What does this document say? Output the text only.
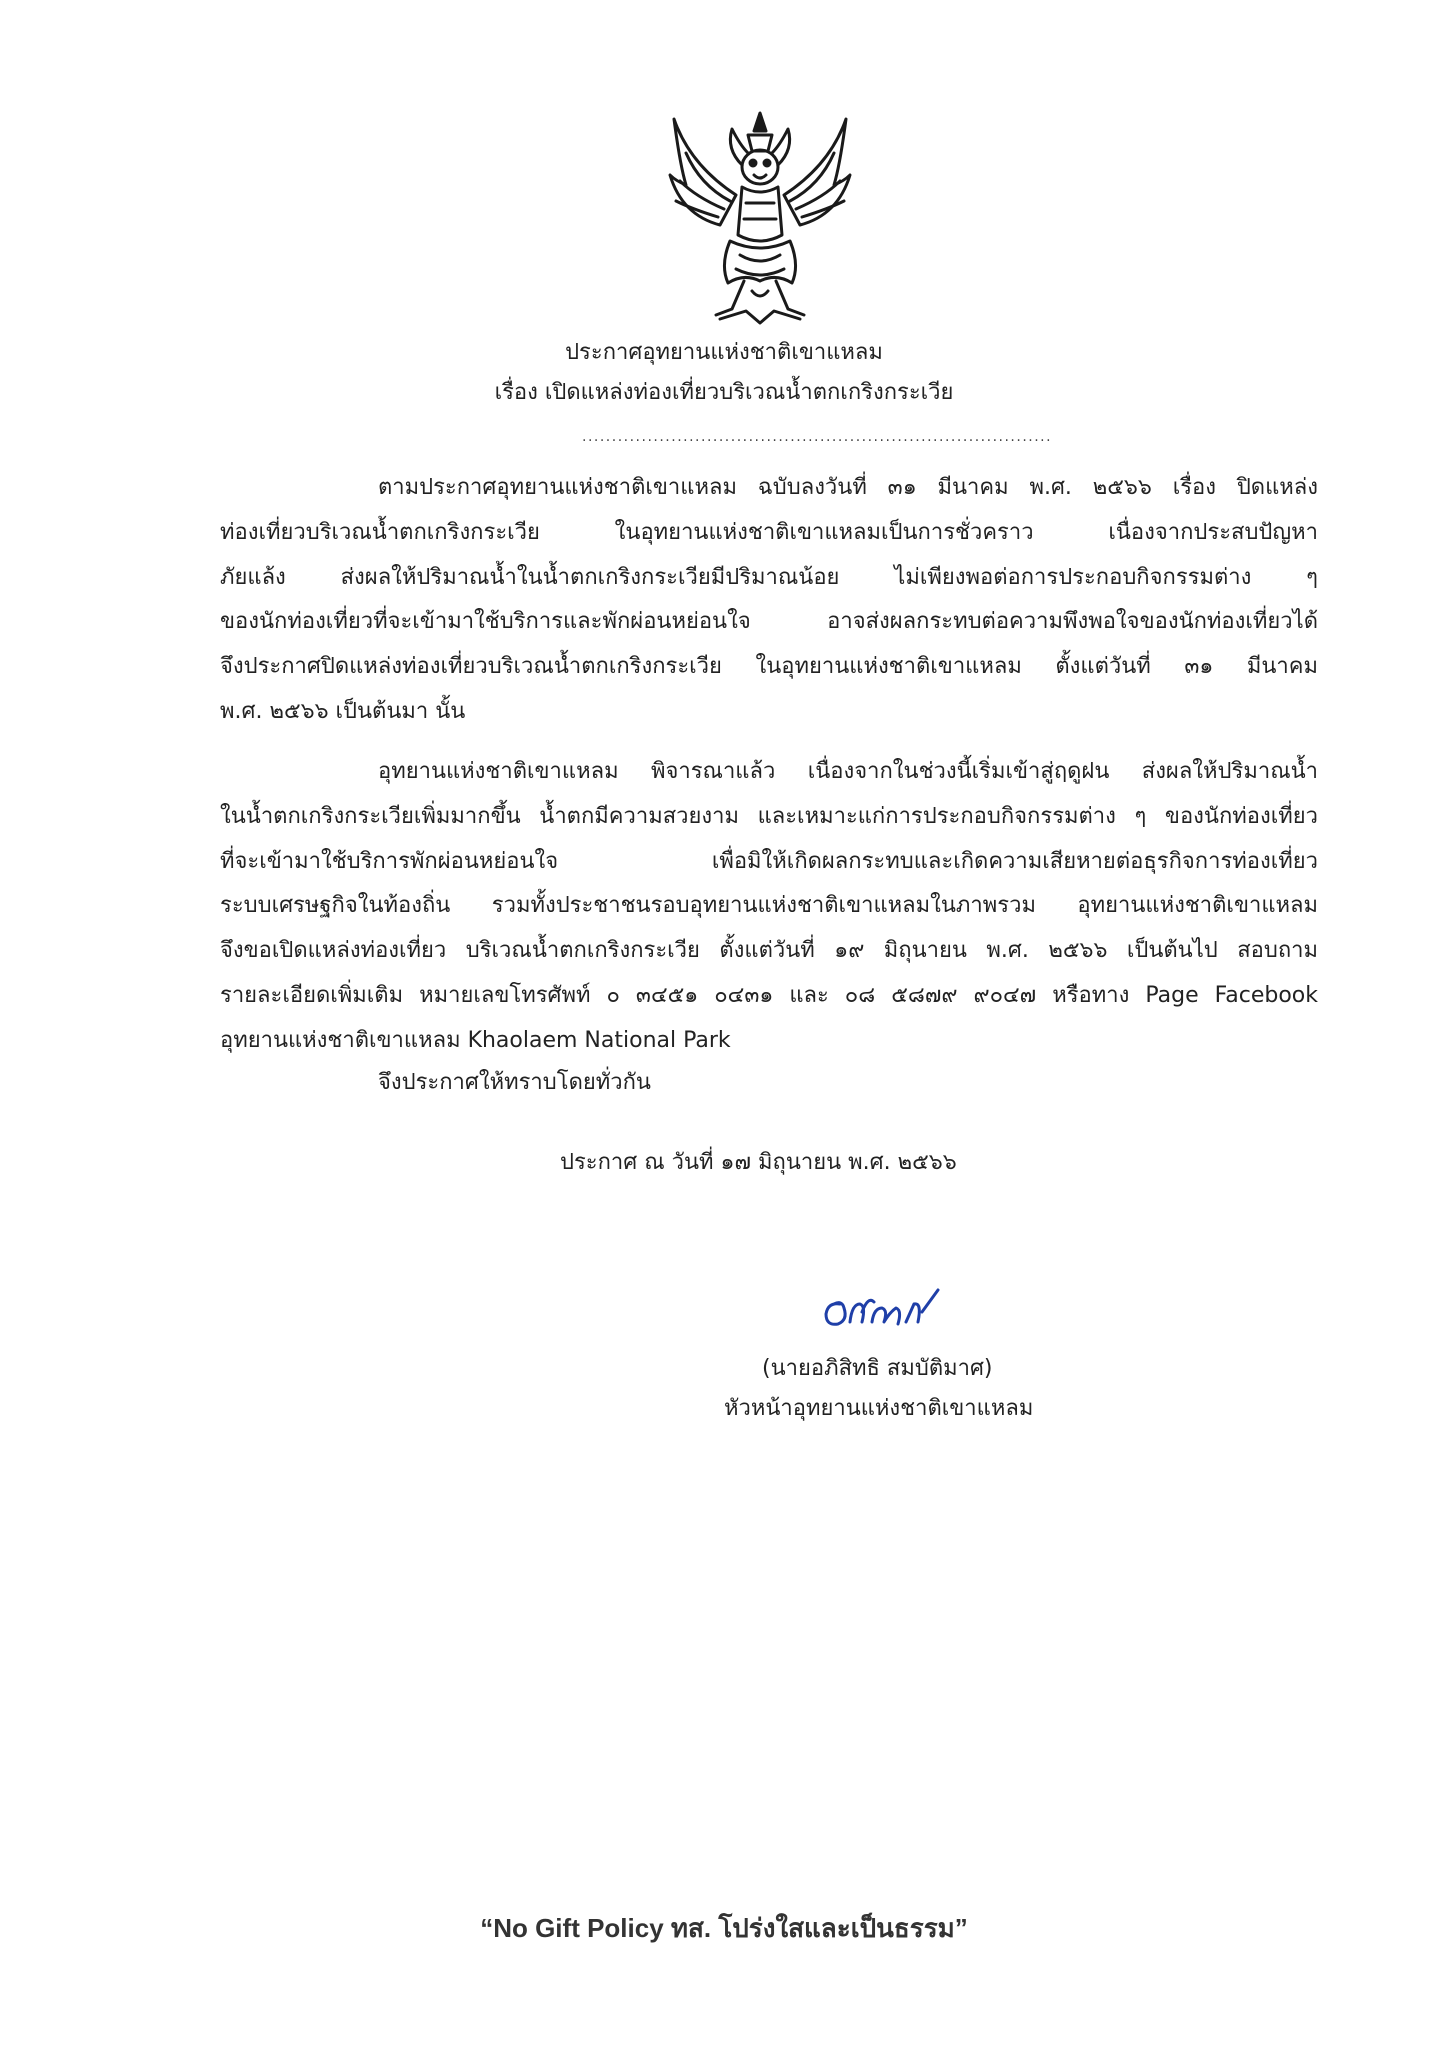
ประกาศอุทยานแห่งชาติเขาแหลม
เรื่อง เปิดแหล่งท่องเที่ยวบริเวณน้ำตกเกริงกระเวีย
...............................................................................
ตามประกาศอุทยานแห่งชาติเขาแหลม ฉบับลงวันที่ ๓๑ มีนาคม พ.ศ. ๒๕๖๖ เรื่อง ปิดแหล่ง
ท่องเที่ยวบริเวณน้ำตกเกริงกระเวีย ในอุทยานแห่งชาติเขาแหลมเป็นการชั่วคราว เนื่องจากประสบปัญหา
ภัยแล้ง ส่งผลให้ปริมาณน้ำในน้ำตกเกริงกระเวียมีปริมาณน้อย ไม่เพียงพอต่อการประกอบกิจกรรมต่าง ๆ
ของนักท่องเที่ยวที่จะเข้ามาใช้บริการและพักผ่อนหย่อนใจ อาจส่งผลกระทบต่อความพึงพอใจของนักท่องเที่ยวได้
จึงประกาศปิดแหล่งท่องเที่ยวบริเวณน้ำตกเกริงกระเวีย ในอุทยานแห่งชาติเขาแหลม ตั้งแต่วันที่ ๓๑ มีนาคม
พ.ศ. ๒๕๖๖ เป็นต้นมา นั้น
อุทยานแห่งชาติเขาแหลม พิจารณาแล้ว เนื่องจากในช่วงนี้เริ่มเข้าสู่ฤดูฝน ส่งผลให้ปริมาณน้ำ
ในน้ำตกเกริงกระเวียเพิ่มมากขึ้น น้ำตกมีความสวยงาม และเหมาะแก่การประกอบกิจกรรมต่าง ๆ ของนักท่องเที่ยว
ที่จะเข้ามาใช้บริการพักผ่อนหย่อนใจ เพื่อมิให้เกิดผลกระทบและเกิดความเสียหายต่อธุรกิจการท่องเที่ยว
ระบบเศรษฐกิจในท้องถิ่น รวมทั้งประชาชนรอบอุทยานแห่งชาติเขาแหลมในภาพรวม อุทยานแห่งชาติเขาแหลม
จึงขอเปิดแหล่งท่องเที่ยว บริเวณน้ำตกเกริงกระเวีย ตั้งแต่วันที่ ๑๙ มิถุนายน พ.ศ. ๒๕๖๖ เป็นต้นไป สอบถาม
รายละเอียดเพิ่มเติม หมายเลขโทรศัพท์ ๐ ๓๔๕๑ ๐๔๓๑ และ ๐๘ ๕๘๗๙ ๙๐๔๗ หรือทาง Page Facebook
อุทยานแห่งชาติเขาแหลม Khaolaem National Park
จึงประกาศให้ทราบโดยทั่วกัน
ประกาศ ณ วันที่ ๑๗ มิถุนายน พ.ศ. ๒๕๖๖
(นายอภิสิทธิ สมบัติมาศ)
หัวหน้าอุทยานแห่งชาติเขาแหลม
“No Gift Policy ทส. โปร่งใสและเป็นธรรม”
